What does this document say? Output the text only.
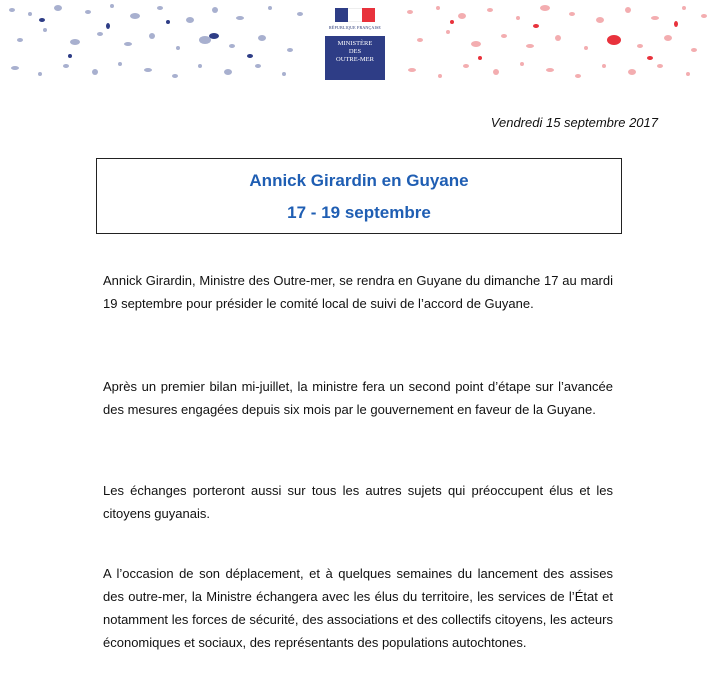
RÉPUBLIQUE FRANÇAISE
MINISTÈRE
DES
OUTRE-MER
Vendredi 15 septembre 2017
Annick Girardin en Guyane
17 - 19 septembre
Annick Girardin, Ministre des Outre-mer, se rendra en Guyane du dimanche 17 au mardi 19 septembre pour présider le comité local de suivi de l’accord de Guyane.
Après un premier bilan mi-juillet, la ministre fera un second point d’étape sur l’avancée des mesures engagées depuis six mois par le gouvernement en faveur de la Guyane.
Les échanges porteront aussi sur tous les autres sujets qui préoccupent élus et les citoyens guyanais.
A l’occasion de son déplacement, et à quelques semaines du lancement des assises des outre-mer, la Ministre échangera avec les élus du territoire, les services de l’État et notamment les forces de sécurité, des associations et des collectifs citoyens, les acteurs économiques et sociaux, des représentants des populations autochtones.
